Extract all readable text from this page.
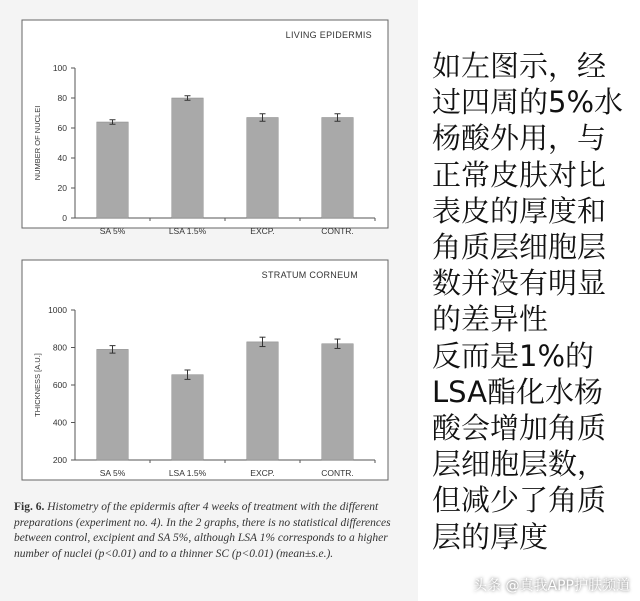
LIVING EPIDERMIS
0
20
40
60
80
100
NUMBER OF NUCLEI
SA 5%	LSA 1.5%	EXCP.	CONTR.
STRATUM CORNEUM
200
400
600
800
1000
THICKNESS [A.U.]
SA 5%	LSA 1.5%	EXCP.	CONTR.

Fig. 6. Histometry of the epidermis after 4 weeks of treatment with the different preparations (experiment no. 4). In the 2 graphs, there is no statistical differences between control, excipient and SA 5%, although LSA 1% corresponds to a higher number of nuclei (p<0.01) and to a thinner SC (p<0.01) (mean±s.e.).

如左图示，经
过四周的5%水
杨酸外用，与
正常皮肤对比
表皮的厚度和
角质层细胞层
数并没有明显
的差异性
反而是1%的
LSA酯化水杨
酸会增加角质
层细胞层数，
但减少了角质
层的厚度

头条 @真我APP护肤频道
